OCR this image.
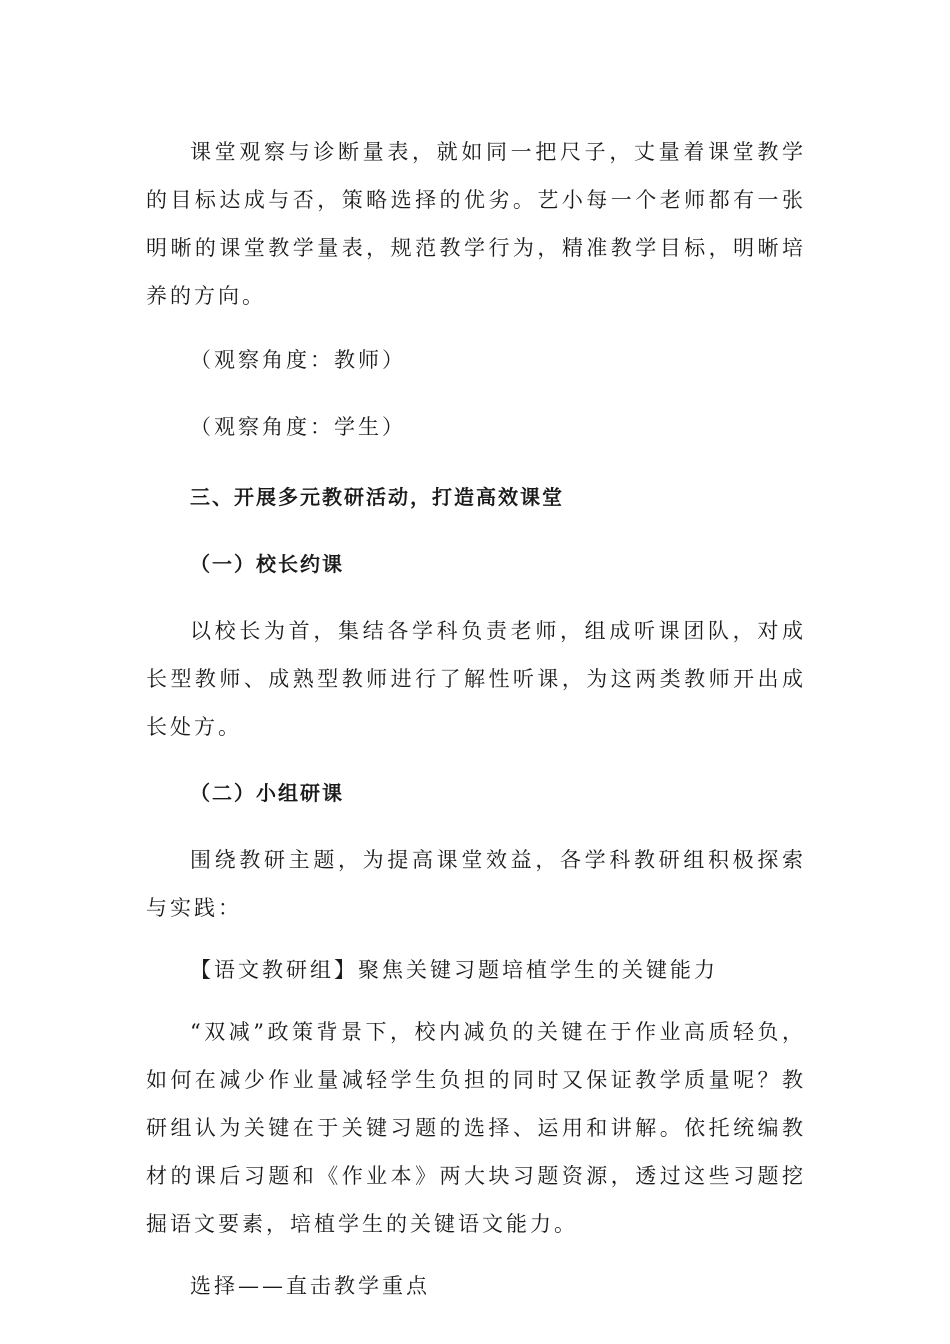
课堂观察与诊断量表，就如同一把尺子，丈量着课堂教学的目标达成与否，策略选择的优劣。艺小每一个老师都有一张明晰的课堂教学量表，规范教学行为，精准教学目标，明晰培养的方向。

（观察角度：教师）

（观察角度：学生）

三、开展多元教研活动，打造高效课堂

（一）校长约课

以校长为首，集结各学科负责老师，组成听课团队，对成长型教师、成熟型教师进行了解性听课，为这两类教师开出成长处方。

（二）小组研课

围绕教研主题，为提高课堂效益，各学科教研组积极探索与实践：

【语文教研组】聚焦关键习题培植学生的关键能力

“双减”政策背景下，校内减负的关键在于作业高质轻负，如何在减少作业量减轻学生负担的同时又保证教学质量呢？教研组认为关键在于关键习题的选择、运用和讲解。依托统编教材的课后习题和《作业本》两大块习题资源，透过这些习题挖掘语文要素，培植学生的关键语文能力。

选择——直击教学重点
